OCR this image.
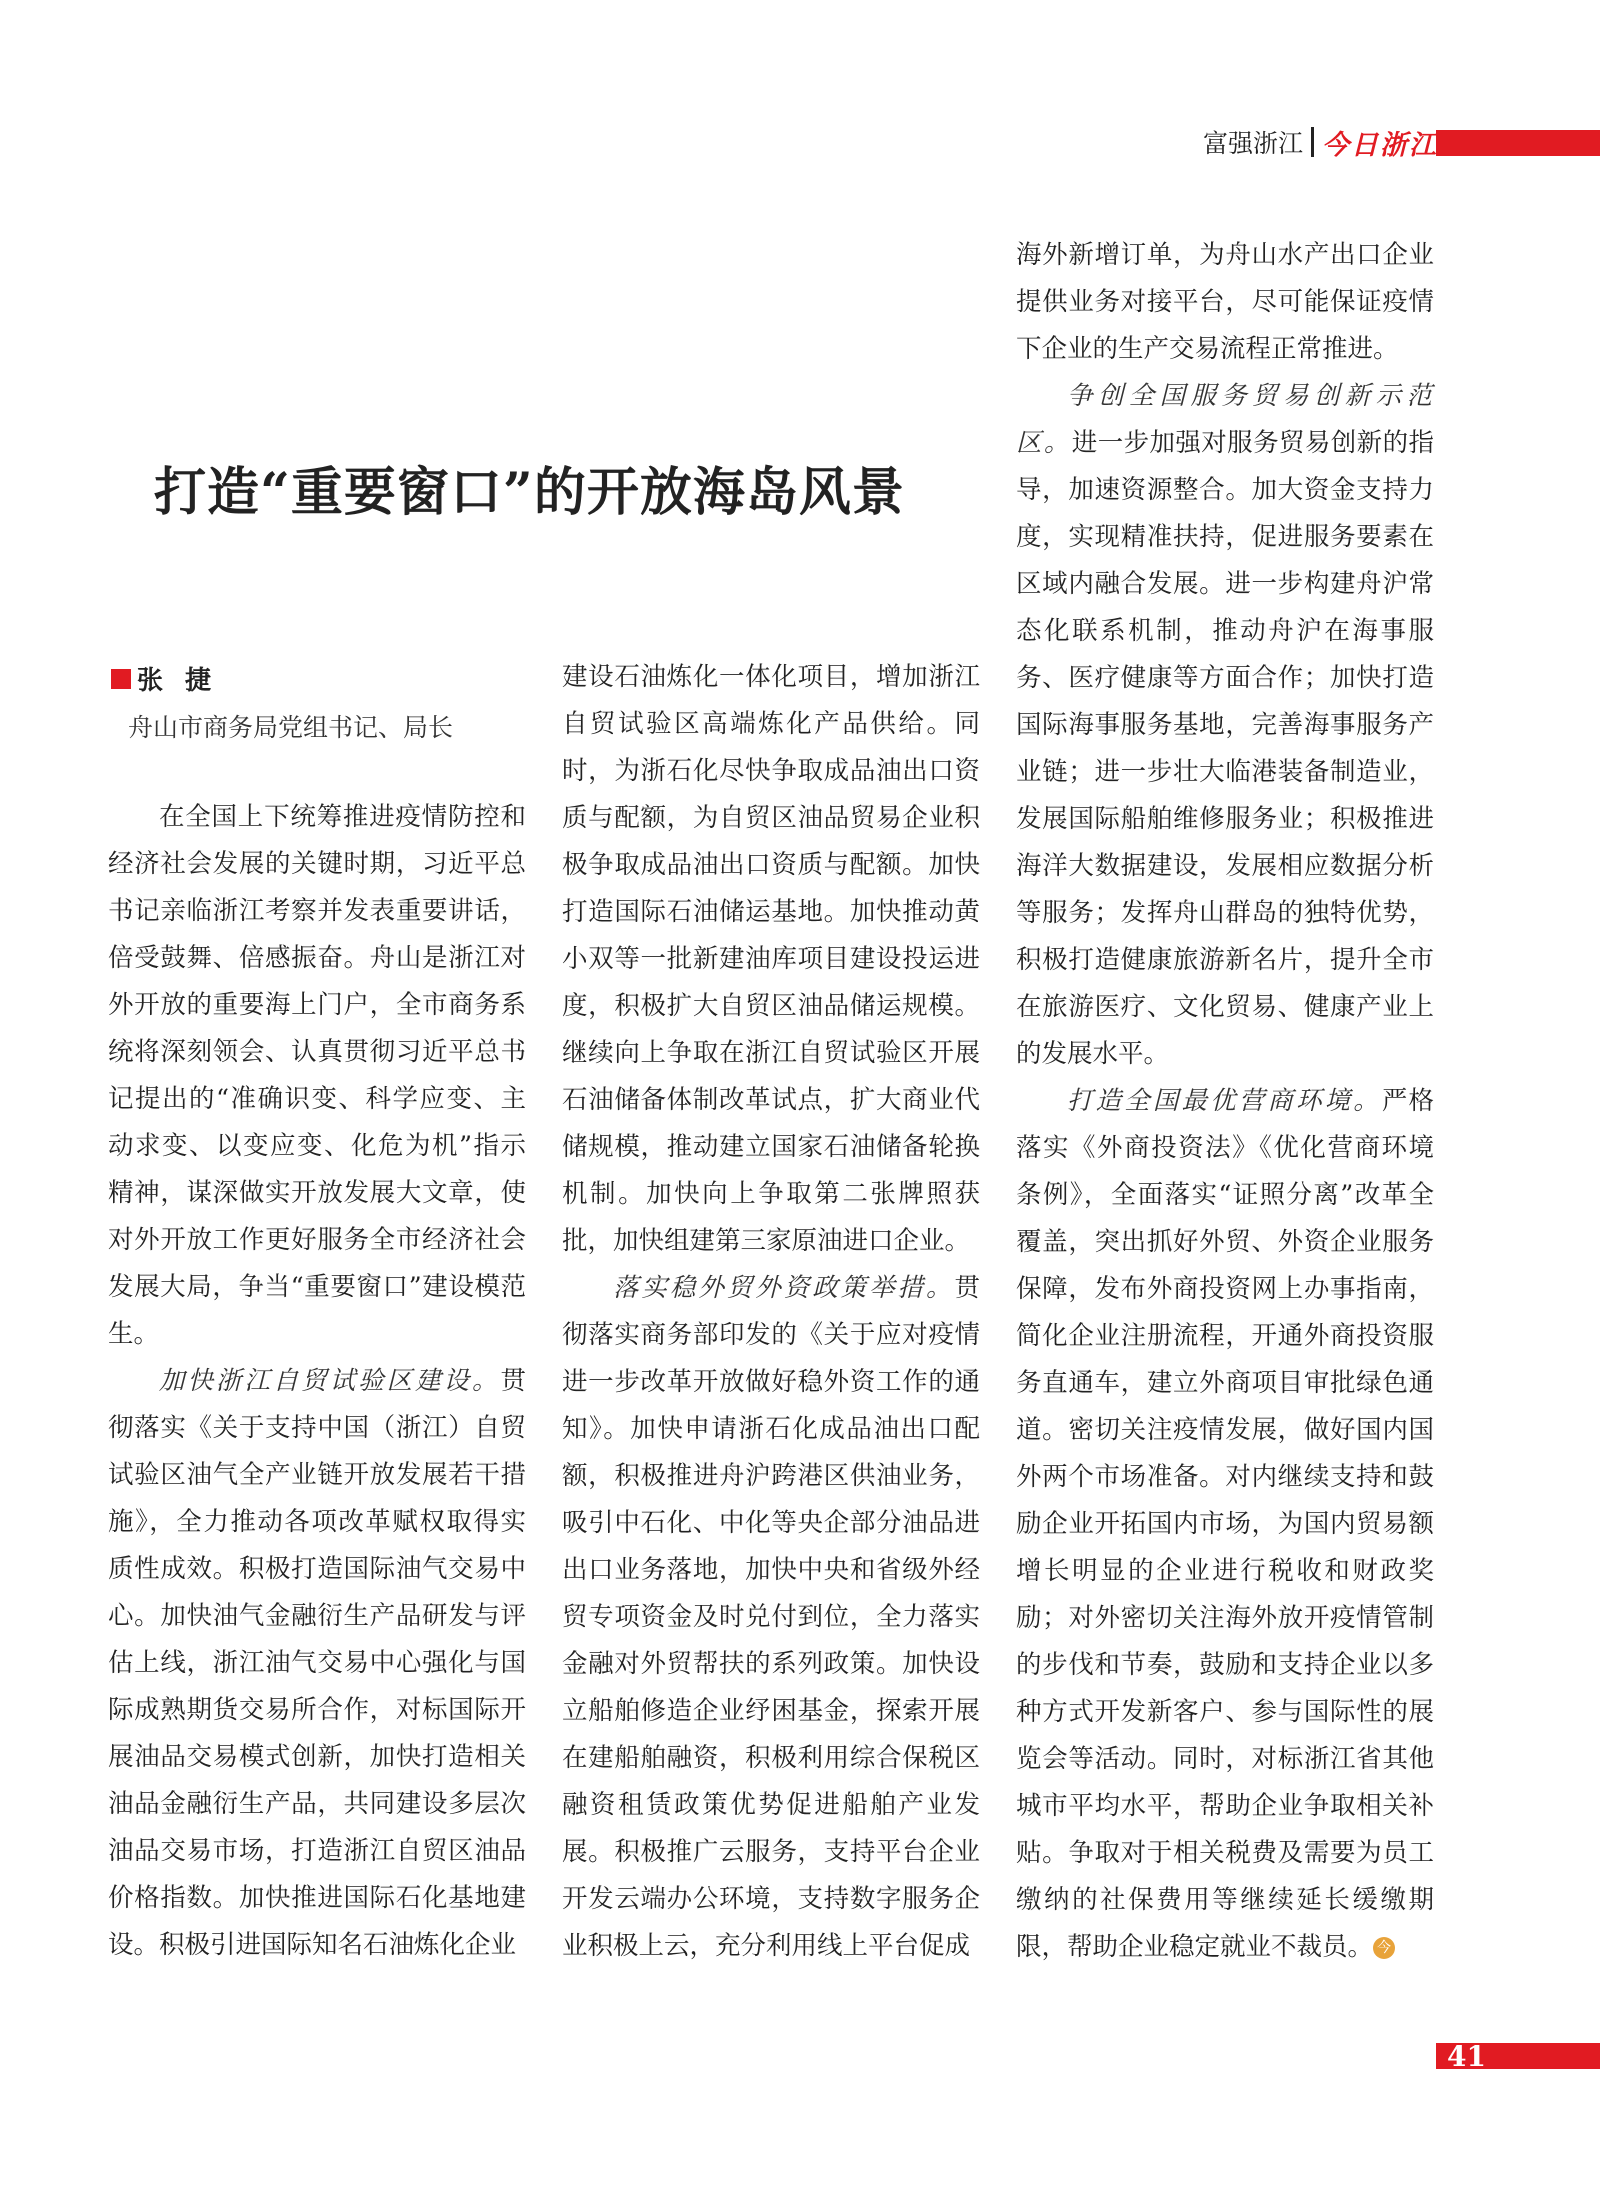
富强浙江 今日浙江
打造“重要窗口”的开放海岛风景
张捷
舟山市商务局党组书记、局长

在全国上下统筹推进疫情防控和经济社会发展的关键时期，习近平总书记亲临浙江考察并发表重要讲话，倍受鼓舞、倍感振奋。舟山是浙江对外开放的重要海上门户，全市商务系统将深刻领会、认真贯彻习近平总书记提出的“准确识变、科学应变、主动求变、以变应变、化危为机”指示精神，谋深做实开放发展大文章，使对外开放工作更好服务全市经济社会发展大局，争当“重要窗口”建设模范生。

加快浙江自贸试验区建设。贯彻落实《关于支持中国（浙江）自贸试验区油气全产业链开放发展若干措施》，全力推动各项改革赋权取得实质性成效。积极打造国际油气交易中心。加快油气金融衍生产品研发与评估上线，浙江油气交易中心强化与国际成熟期货交易所合作，对标国际开展油品交易模式创新，加快打造相关油品金融衍生产品，共同建设多层次油品交易市场，打造浙江自贸区油品价格指数。加快推进国际石化基地建设。积极引进国际知名石油炼化企业

建设石油炼化一体化项目，增加浙江自贸试验区高端炼化产品供给。同时，为浙石化尽快争取成品油出口资质与配额，为自贸区油品贸易企业积极争取成品油出口资质与配额。加快打造国际石油储运基地。加快推动黄小双等一批新建油库项目建设投运进度，积极扩大自贸区油品储运规模。继续向上争取在浙江自贸试验区开展石油储备体制改革试点，扩大商业代储规模，推动建立国家石油储备轮换机制。加快向上争取第二张牌照获批，加快组建第三家原油进口企业。

落实稳外贸外资政策举措。贯彻落实商务部印发的《关于应对疫情进一步改革开放做好稳外资工作的通知》。加快申请浙石化成品油出口配额，积极推进舟沪跨港区供油业务，吸引中石化、中化等央企部分油品进出口业务落地，加快中央和省级外经贸专项资金及时兑付到位，全力落实金融对外贸帮扶的系列政策。加快设立船舶修造企业纾困基金，探索开展在建船舶融资，积极利用综合保税区融资租赁政策优势促进船舶产业发展。积极推广云服务，支持平台企业开发云端办公环境，支持数字服务企业积极上云，充分利用线上平台促成

海外新增订单，为舟山水产出口企业提供业务对接平台，尽可能保证疫情下企业的生产交易流程正常推进。

争创全国服务贸易创新示范区。进一步加强对服务贸易创新的指导，加速资源整合。加大资金支持力度，实现精准扶持，促进服务要素在区域内融合发展。进一步构建舟沪常态化联系机制，推动舟沪在海事服务、医疗健康等方面合作；加快打造国际海事服务基地，完善海事服务产业链；进一步壮大临港装备制造业，发展国际船舶维修服务业；积极推进海洋大数据建设，发展相应数据分析等服务；发挥舟山群岛的独特优势，积极打造健康旅游新名片，提升全市在旅游医疗、文化贸易、健康产业上的发展水平。

打造全国最优营商环境。严格落实《外商投资法》《优化营商环境条例》，全面落实“证照分离”改革全覆盖，突出抓好外贸、外资企业服务保障，发布外商投资网上办事指南，简化企业注册流程，开通外商投资服务直通车，建立外商项目审批绿色通道。密切关注疫情发展，做好国内国外两个市场准备。对内继续支持和鼓励企业开拓国内市场，为国内贸易额增长明显的企业进行税收和财政奖励；对外密切关注海外放开疫情管制的步伐和节奏，鼓励和支持企业以多种方式开发新客户、参与国际性的展览会等活动。同时，对标浙江省其他城市平均水平，帮助企业争取相关补贴。争取对于相关税费及需要为员工缴纳的社保费用等继续延长缓缴期限，帮助企业稳定就业不裁员。 今

41
